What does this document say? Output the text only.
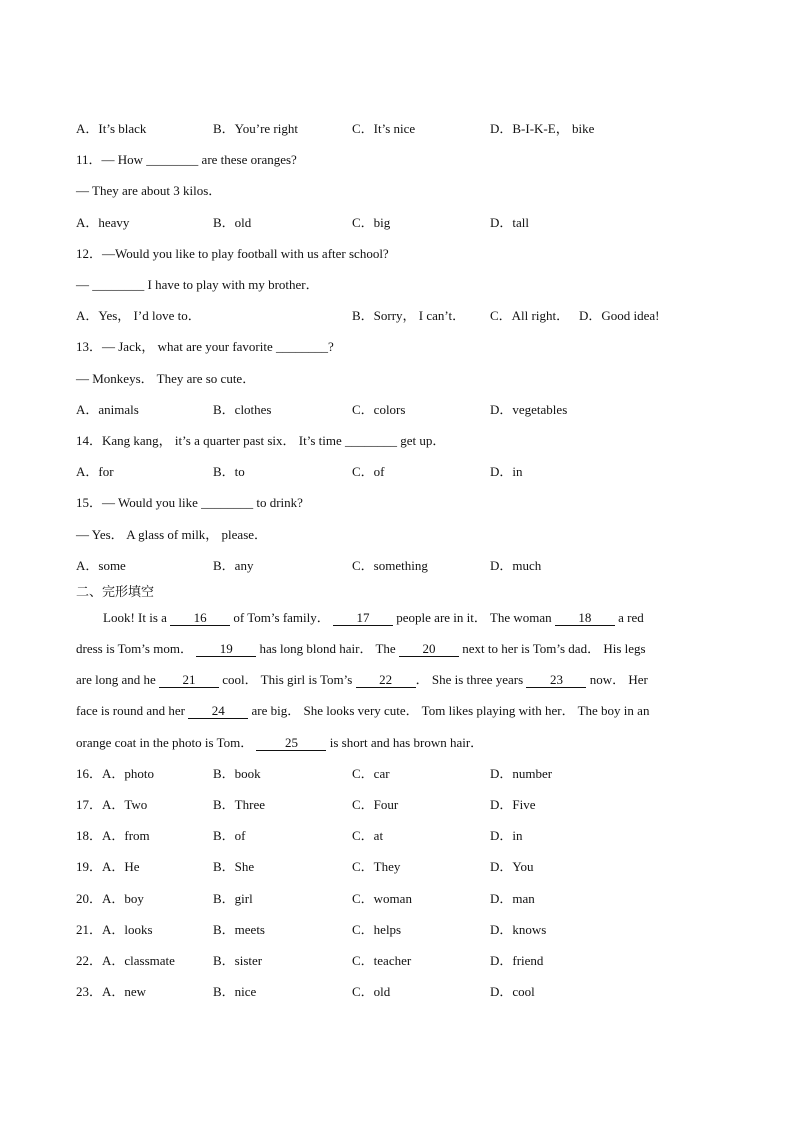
A．It’s black	B．You’re right	C．It’s nice	D．B-I-K-E， bike
11．— How ________ are these oranges?
— They are about 3 kilos．
A．heavy	B．old	C．big	D．tall
12．—Would you like to play football with us after school?
— ________ I have to play with my brother．
A．Yes， I’d love to．	B．Sorry， I can’t． C．All right． D．Good idea!
13．— Jack， what are your favorite ________?
— Monkeys． They are so cute．
A．animals	B．clothes	C．colors	D．vegetables
14．Kang kang， it’s a quarter past six． It’s time ________ get up．
A．for	B．to	C．of	D．in
15．— Would you like ________ to drink?
— Yes． A glass of milk， please．
A．some	B．any	C．something	D．much
二、完形填空
Look! It is a 16 of Tom’s family． 17 people are in it． The woman 18 a red
dress is Tom’s mom． 19 has long blond hair． The 20 next to her is Tom’s dad． His legs
are long and he 21 cool． This girl is Tom’s 22 ． She is three years 23 now． Her
face is round and her 24 are big． She looks very cute． Tom likes playing with her． The boy in an
orange coat in the photo is Tom． 25 is short and has brown hair．
16．A．photo	B．book	C．car	D．number
17．A．Two	B．Three	C．Four	D．Five
18．A．from	B．of	C．at	D．in
19．A．He	B．She	C．They	D．You
20．A．boy	B．girl	C．woman	D．man
21．A．looks	B．meets	C．helps	D．knows
22．A．classmate	B．sister	C．teacher	D．friend
23．A．new	B．nice	C．old	D．cool
